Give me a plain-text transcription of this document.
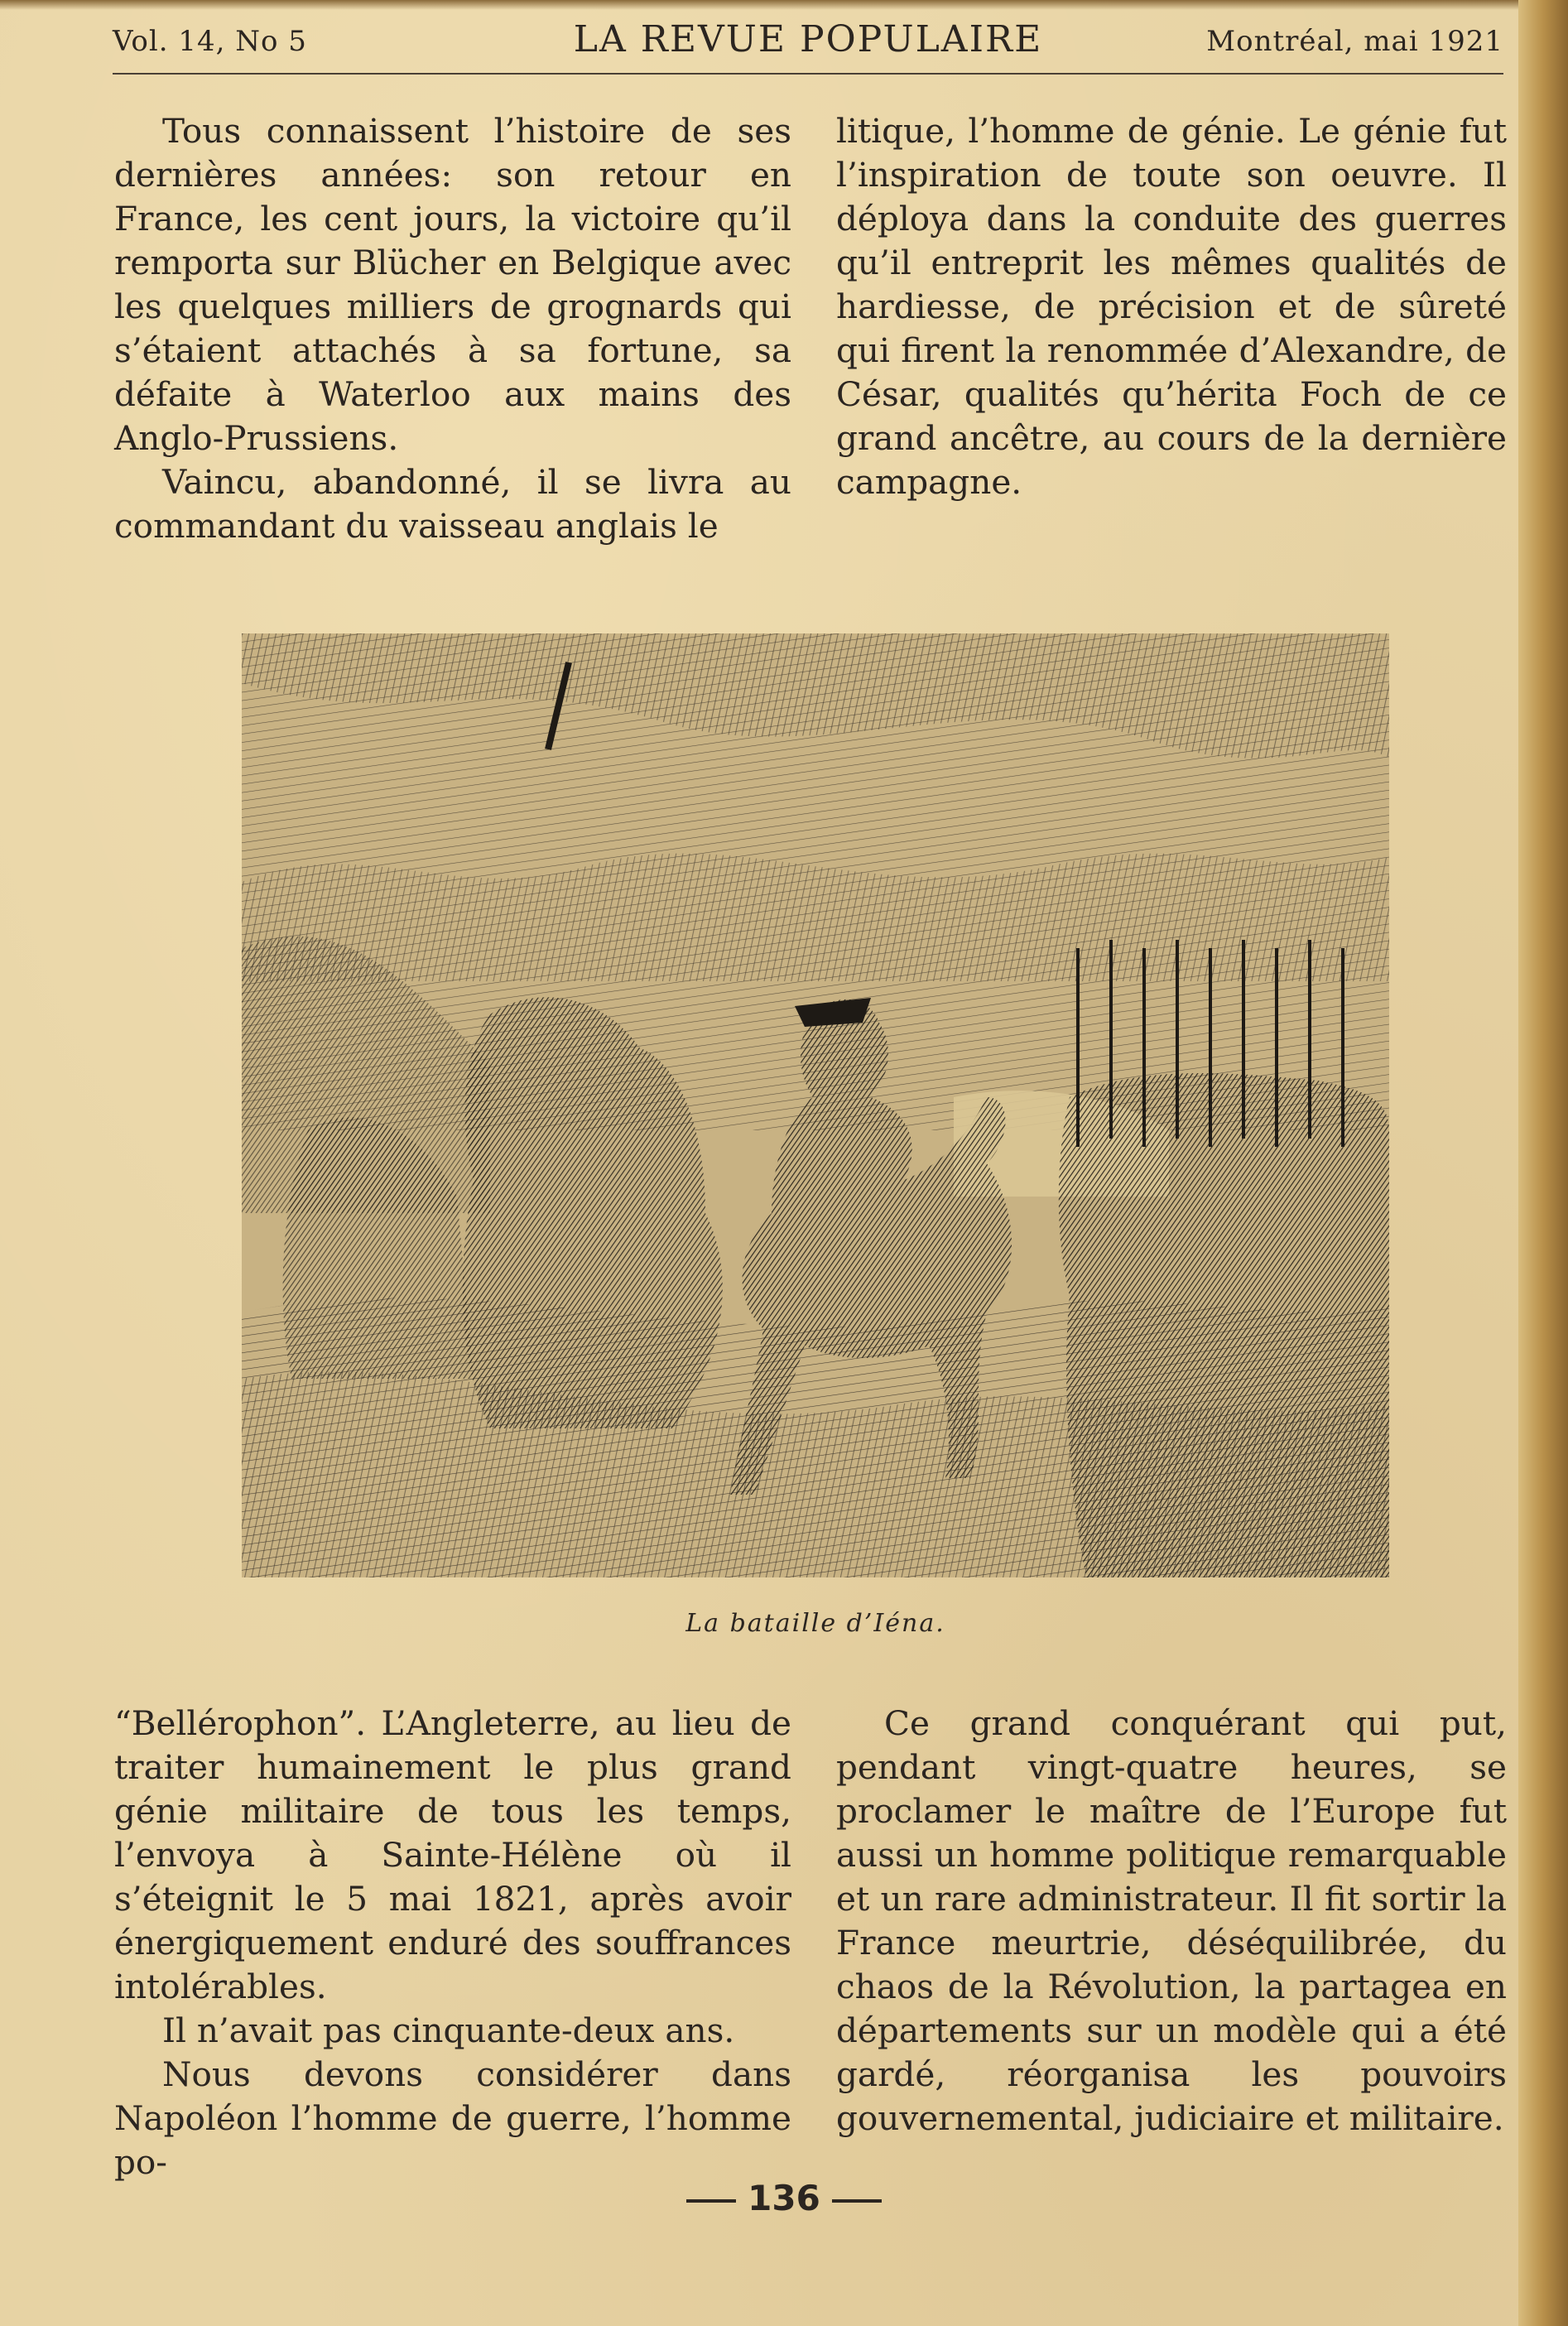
Vol. 14, No 5	LA REVUE POPULAIRE	Montréal, mai 1921

Tous connaissent l’histoire de ses dernières années: son retour en France, les cent jours, la victoire qu’il remporta sur Blücher en Belgique avec les quelques milliers de grognards qui s’étaient attachés à sa fortune, sa défaite à Waterloo aux mains des Anglo-Prussiens.

Vaincu, abandonné, il se livra au commandant du vaisseau anglais le

litique, l’homme de génie. Le génie fut l’inspiration de toute son oeuvre. Il déploya dans la conduite des guerres qu’il entreprit les mêmes qualités de hardiesse, de précision et de sûreté qui firent la renommée d’Alexandre, de César, qualités qu’hérita Foch de ce grand ancêtre, au cours de la dernière campagne.

La bataille d’Iéna.

“Bellérophon”. L’Angleterre, au lieu de traiter humainement le plus grand génie militaire de tous les temps, l’envoya à Sainte-Hélène où il s’éteignit le 5 mai 1821, après avoir énergiquement enduré des souffrances intolérables.

Il n’avait pas cinquante-deux ans.

Nous devons considérer dans Napoléon l’homme de guerre, l’homme po-

Ce grand conquérant qui put, pendant vingt-quatre heures, se proclamer le maître de l’Europe fut aussi un homme politique remarquable et un rare administrateur. Il fit sortir la France meurtrie, déséquilibrée, du chaos de la Révolution, la partagea en départements sur un modèle qui a été gardé, réorganisa les pouvoirs gouvernemental, judiciaire et militaire.

136
